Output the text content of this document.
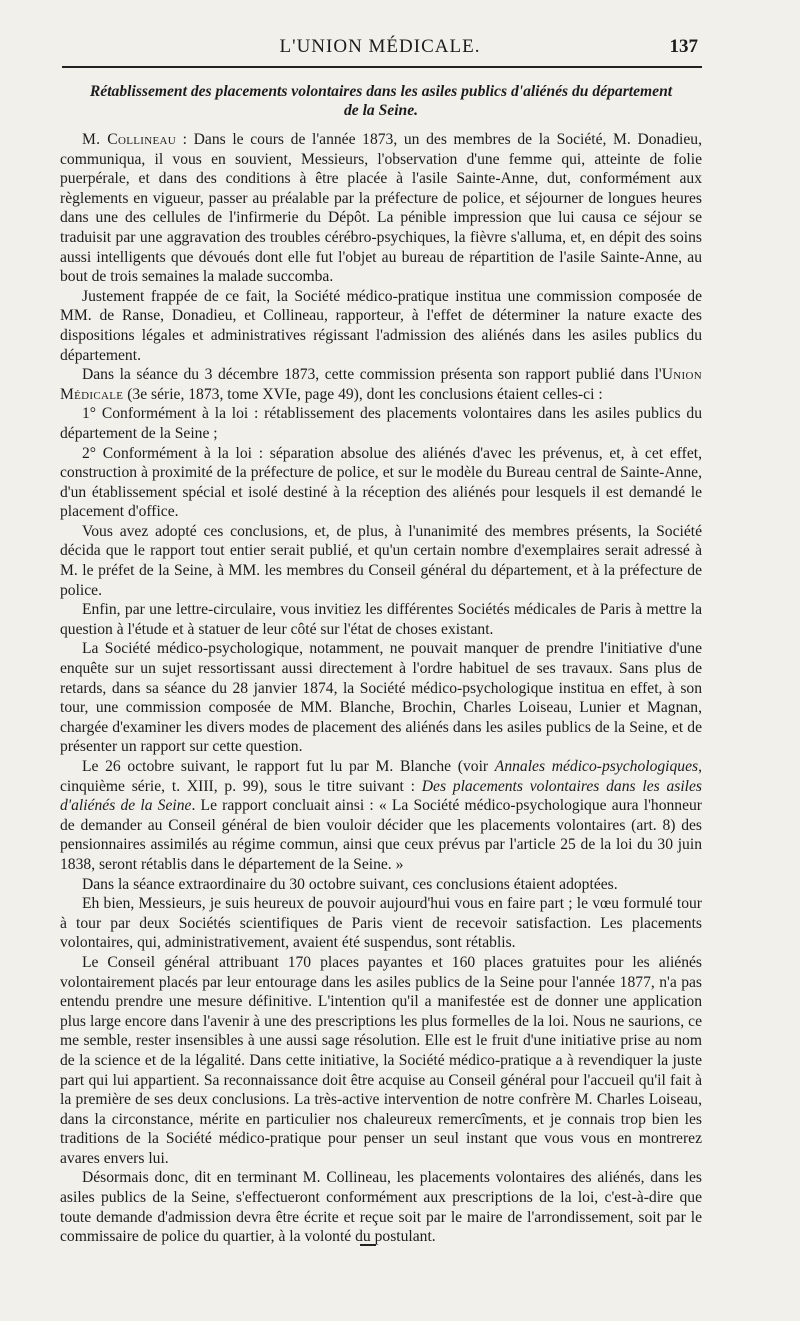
L'UNION MÉDICALE.	137
Rétablissement des placements volontaires dans les asiles publics d'aliénés du département
de la Seine.

M. Collineau : Dans le cours de l'année 1873, un des membres de la Société, M. Donadieu, communiqua, il vous en souvient, Messieurs, l'observation d'une femme qui, atteinte de folie puerpérale, et dans des conditions à être placée à l'asile Sainte-Anne, dut, conformément aux règlements en vigueur, passer au préalable par la préfecture de police, et séjourner de longues heures dans une des cellules de l'infirmerie du Dépôt. La pénible impression que lui causa ce séjour se traduisit par une aggravation des troubles cérébro-psychiques, la fièvre s'alluma, et, en dépit des soins aussi intelligents que dévoués dont elle fut l'objet au bureau de répartition de l'asile Sainte-Anne, au bout de trois semaines la malade succomba.

Justement frappée de ce fait, la Société médico-pratique institua une commission composée de MM. de Ranse, Donadieu, et Collineau, rapporteur, à l'effet de déterminer la nature exacte des dispositions légales et administratives régissant l'admission des aliénés dans les asiles publics du département.

Dans la séance du 3 décembre 1873, cette commission présenta son rapport publié dans l'Union Médicale (3e série, 1873, tome XVIe, page 49), dont les conclusions étaient celles-ci :

1° Conformément à la loi : rétablissement des placements volontaires dans les asiles publics du département de la Seine ;

2° Conformément à la loi : séparation absolue des aliénés d'avec les prévenus, et, à cet effet, construction à proximité de la préfecture de police, et sur le modèle du Bureau central de Sainte-Anne, d'un établissement spécial et isolé destiné à la réception des aliénés pour lesquels il est demandé le placement d'office.

Vous avez adopté ces conclusions, et, de plus, à l'unanimité des membres présents, la Société décida que le rapport tout entier serait publié, et qu'un certain nombre d'exemplaires serait adressé à M. le préfet de la Seine, à MM. les membres du Conseil général du département, et à la préfecture de police.

Enfin, par une lettre-circulaire, vous invitiez les différentes Sociétés médicales de Paris à mettre la question à l'étude et à statuer de leur côté sur l'état de choses existant.

La Société médico-psychologique, notamment, ne pouvait manquer de prendre l'initiative d'une enquête sur un sujet ressortissant aussi directement à l'ordre habituel de ses travaux. Sans plus de retards, dans sa séance du 28 janvier 1874, la Société médico-psychologique institua en effet, à son tour, une commission composée de MM. Blanche, Brochin, Charles Loiseau, Lunier et Magnan, chargée d'examiner les divers modes de placement des aliénés dans les asiles publics de la Seine, et de présenter un rapport sur cette question.

Le 26 octobre suivant, le rapport fut lu par M. Blanche (voir Annales médico-psychologiques, cinquième série, t. XIII, p. 99), sous le titre suivant : Des placements volontaires dans les asiles d'aliénés de la Seine. Le rapport concluait ainsi : « La Société médico-psychologique aura l'honneur de demander au Conseil général de bien vouloir décider que les placements volontaires (art. 8) des pensionnaires assimilés au régime commun, ainsi que ceux prévus par l'article 25 de la loi du 30 juin 1838, seront rétablis dans le département de la Seine. »

Dans la séance extraordinaire du 30 octobre suivant, ces conclusions étaient adoptées.

Eh bien, Messieurs, je suis heureux de pouvoir aujourd'hui vous en faire part ; le vœu formulé tour à tour par deux Sociétés scientifiques de Paris vient de recevoir satisfaction. Les placements volontaires, qui, administrativement, avaient été suspendus, sont rétablis.

Le Conseil général attribuant 170 places payantes et 160 places gratuites pour les aliénés volontairement placés par leur entourage dans les asiles publics de la Seine pour l'année 1877, n'a pas entendu prendre une mesure définitive. L'intention qu'il a manifestée est de donner une application plus large encore dans l'avenir à une des prescriptions les plus formelles de la loi. Nous ne saurions, ce me semble, rester insensibles à une aussi sage résolution. Elle est le fruit d'une initiative prise au nom de la science et de la légalité. Dans cette initiative, la Société médico-pratique a à revendiquer la juste part qui lui appartient. Sa reconnaissance doit être acquise au Conseil général pour l'accueil qu'il fait à la première de ses deux conclusions. La très-active intervention de notre confrère M. Charles Loiseau, dans la circonstance, mérite en particulier nos chaleureux remercîments, et je connais trop bien les traditions de la Société médico-pratique pour penser un seul instant que vous vous en montrerez avares envers lui.

Désormais donc, dit en terminant M. Collineau, les placements volontaires des aliénés, dans les asiles publics de la Seine, s'effectueront conformément aux prescriptions de la loi, c'est-à-dire que toute demande d'admission devra être écrite et reçue soit par le maire de l'arrondissement, soit par le commissaire de police du quartier, à la volonté du postulant.
